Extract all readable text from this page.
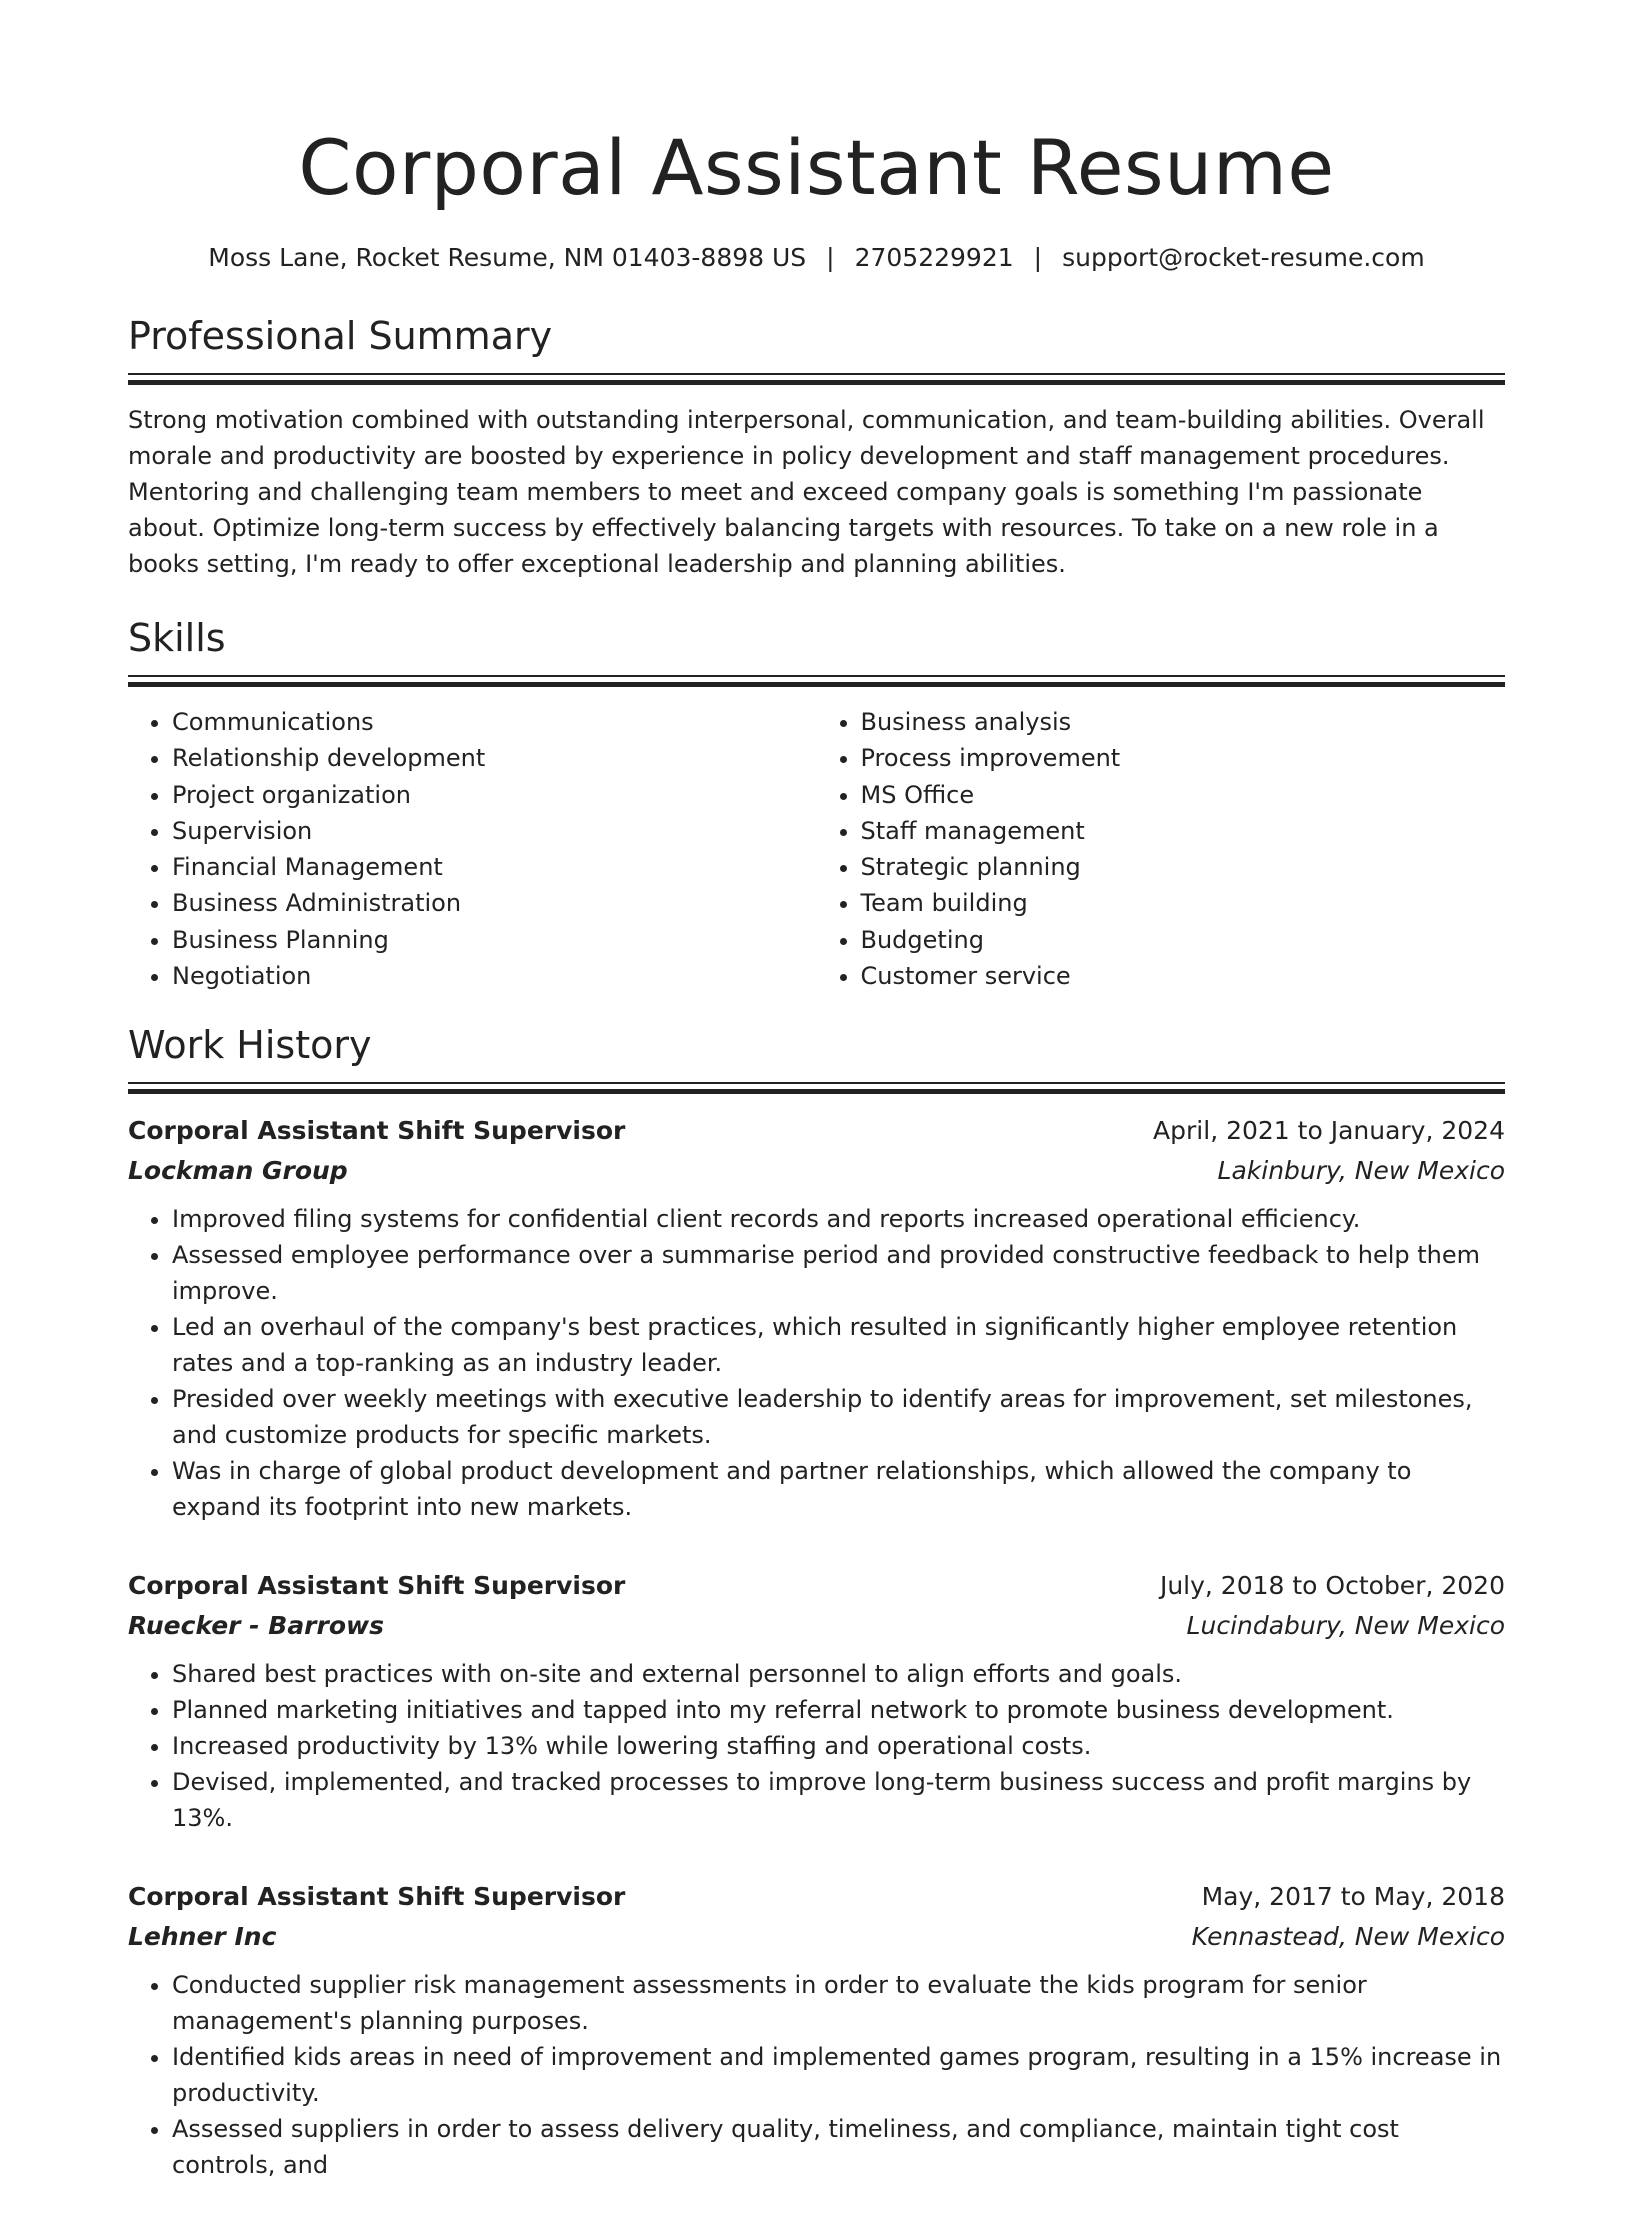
Corporal Assistant Resume
Moss Lane, Rocket Resume, NM 01403-8898 US | 2705229921 | support@rocket-resume.com
Professional Summary

Strong motivation combined with outstanding interpersonal, communication, and team-building abilities. Overall morale and productivity are boosted by experience in policy development and staff management procedures. Mentoring and challenging team members to meet and exceed company goals is something I'm passionate about. Optimize long-term success by effectively balancing targets with resources. To take on a new role in a books setting, I'm ready to offer exceptional leadership and planning abilities.

Skills
• Communications
• Relationship development
• Project organization
• Supervision
• Financial Management
• Business Administration
• Business Planning
• Negotiation
• Business analysis
• Process improvement
• MS Office
• Staff management
• Strategic planning
• Team building
• Budgeting
• Customer service
Work History
Corporal Assistant Shift Supervisor	April, 2021 to January, 2024
Lockman Group	Lakinbury, New Mexico
• Improved filing systems for confidential client records and reports increased operational efficiency.
• Assessed employee performance over a summarise period and provided constructive feedback to help them improve.
• Led an overhaul of the company's best practices, which resulted in significantly higher employee retention rates and a top-ranking as an industry leader.
• Presided over weekly meetings with executive leadership to identify areas for improvement, set milestones, and customize products for specific markets.
• Was in charge of global product development and partner relationships, which allowed the company to expand its footprint into new markets.
Corporal Assistant Shift Supervisor	July, 2018 to October, 2020
Ruecker - Barrows	Lucindabury, New Mexico
• Shared best practices with on-site and external personnel to align efforts and goals.
• Planned marketing initiatives and tapped into my referral network to promote business development.
• Increased productivity by 13% while lowering staffing and operational costs.
• Devised, implemented, and tracked processes to improve long-term business success and profit margins by 13%.
Corporal Assistant Shift Supervisor	May, 2017 to May, 2018
Lehner Inc	Kennastead, New Mexico
• Conducted supplier risk management assessments in order to evaluate the kids program for senior management's planning purposes.
• Identified kids areas in need of improvement and implemented games program, resulting in a 15% increase in productivity.
• Assessed suppliers in order to assess delivery quality, timeliness, and compliance, maintain tight cost controls, and
